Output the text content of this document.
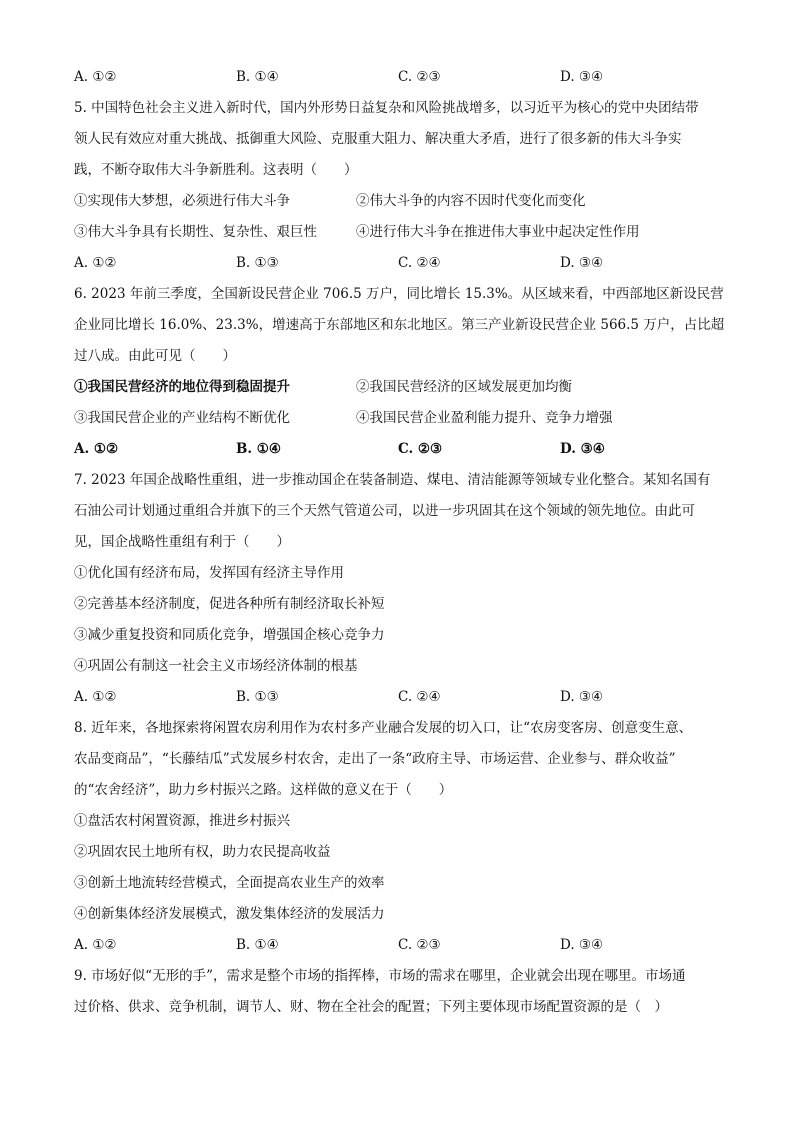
A. ①②	B. ①④	C. ②③	D. ③④
5. 中国特色社会主义进入新时代，国内外形势日益复杂和风险挑战增多，以习近平为核心的党中央团结带
领人民有效应对重大挑战、抵御重大风险、克服重大阻力、解决重大矛盾，进行了很多新的伟大斗争实
践，不断夺取伟大斗争新胜利。这表明（　　）
①实现伟大梦想，必须进行伟大斗争	②伟大斗争的内容不因时代变化而变化
③伟大斗争具有长期性、复杂性、艰巨性	④进行伟大斗争在推进伟大事业中起决定性作用
A. ①②	B. ①③	C. ②④	D. ③④
6. 2023 年前三季度，全国新设民营企业 706.5 万户，同比增长 15.3%。从区域来看，中西部地区新设民营
企业同比增长 16.0%、23.3%，增速高于东部地区和东北地区。第三产业新设民营企业 566.5 万户，占比超
过八成。由此可见（　　）
①我国民营经济的地位得到稳固提升	②我国民营经济的区域发展更加均衡
③我国民营企业的产业结构不断优化	④我国民营企业盈利能力提升、竞争力增强
A. ①②	B. ①④	C. ②③	D. ③④
7. 2023 年国企战略性重组，进一步推动国企在装备制造、煤电、清洁能源等领域专业化整合。某知名国有
石油公司计划通过重组合并旗下的三个天然气管道公司，以进一步巩固其在这个领域的领先地位。由此可
见，国企战略性重组有利于（　　）
①优化国有经济布局，发挥国有经济主导作用
②完善基本经济制度，促进各种所有制经济取长补短
③减少重复投资和同质化竞争，增强国企核心竞争力
④巩固公有制这一社会主义市场经济体制的根基
A. ①②	B. ①③	C. ②④	D. ③④
8. 近年来，各地探索将闲置农房利用作为农村多产业融合发展的切入口，让“农房变客房、创意变生意、
农品变商品”，“长藤结瓜”式发展乡村农舍，走出了一条“政府主导、市场运营、企业参与、群众收益”
的“农舍经济”，助力乡村振兴之路。这样做的意义在于（　　）
①盘活农村闲置资源，推进乡村振兴
②巩固农民土地所有权，助力农民提高收益
③创新土地流转经营模式，全面提高农业生产的效率
④创新集体经济发展模式，激发集体经济的发展活力
A. ①②	B. ①④	C. ②③	D. ③④
9. 市场好似“无形的手”，需求是整个市场的指挥棒，市场的需求在哪里，企业就会出现在哪里。市场通
过价格、供求、竞争机制，调节人、财、物在全社会的配置；下列主要体现市场配置资源的是（　）
